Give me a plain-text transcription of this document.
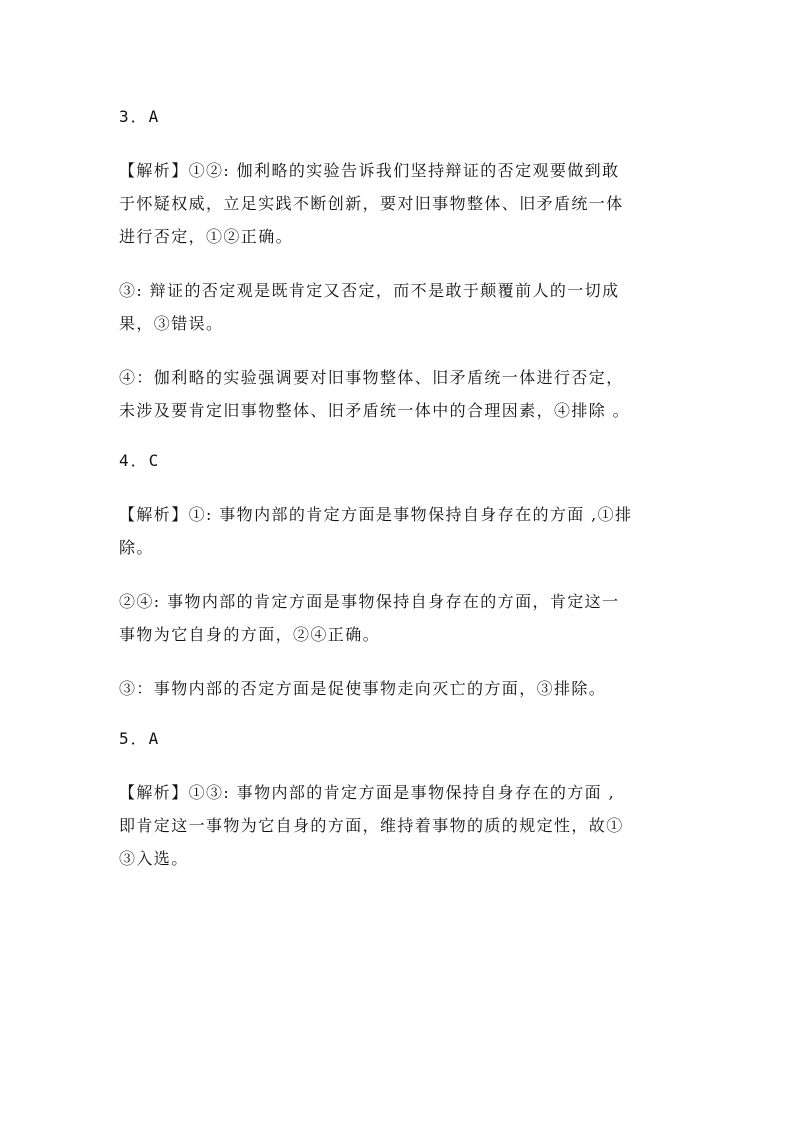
3．A
【解析】①②: 伽利略的实验告诉我们坚持辩证的否定观要做到敢
于怀疑权威，立足实践不断创新，要对旧事物整体、旧矛盾统一体
进行否定，①②正确。
③: 辩证的否定观是既肯定又否定，而不是敢于颠覆前人的一切成
果，③错误。
④：伽利略的实验强调要对旧事物整体、旧矛盾统一体进行否定，
未涉及要肯定旧事物整体、旧矛盾统一体中的合理因素，④排除 。
4．C
【解析】①: 事物内部的肯定方面是事物保持自身存在的方面 ,①排
除。
②④: 事物内部的肯定方面是事物保持自身存在的方面，肯定这一
事物为它自身的方面，②④正确。
③：事物内部的否定方面是促使事物走向灭亡的方面，③排除。
5．A
【解析】①③: 事物内部的肯定方面是事物保持自身存在的方面 ,
即肯定这一事物为它自身的方面，维持着事物的质的规定性，故①
③入选。
